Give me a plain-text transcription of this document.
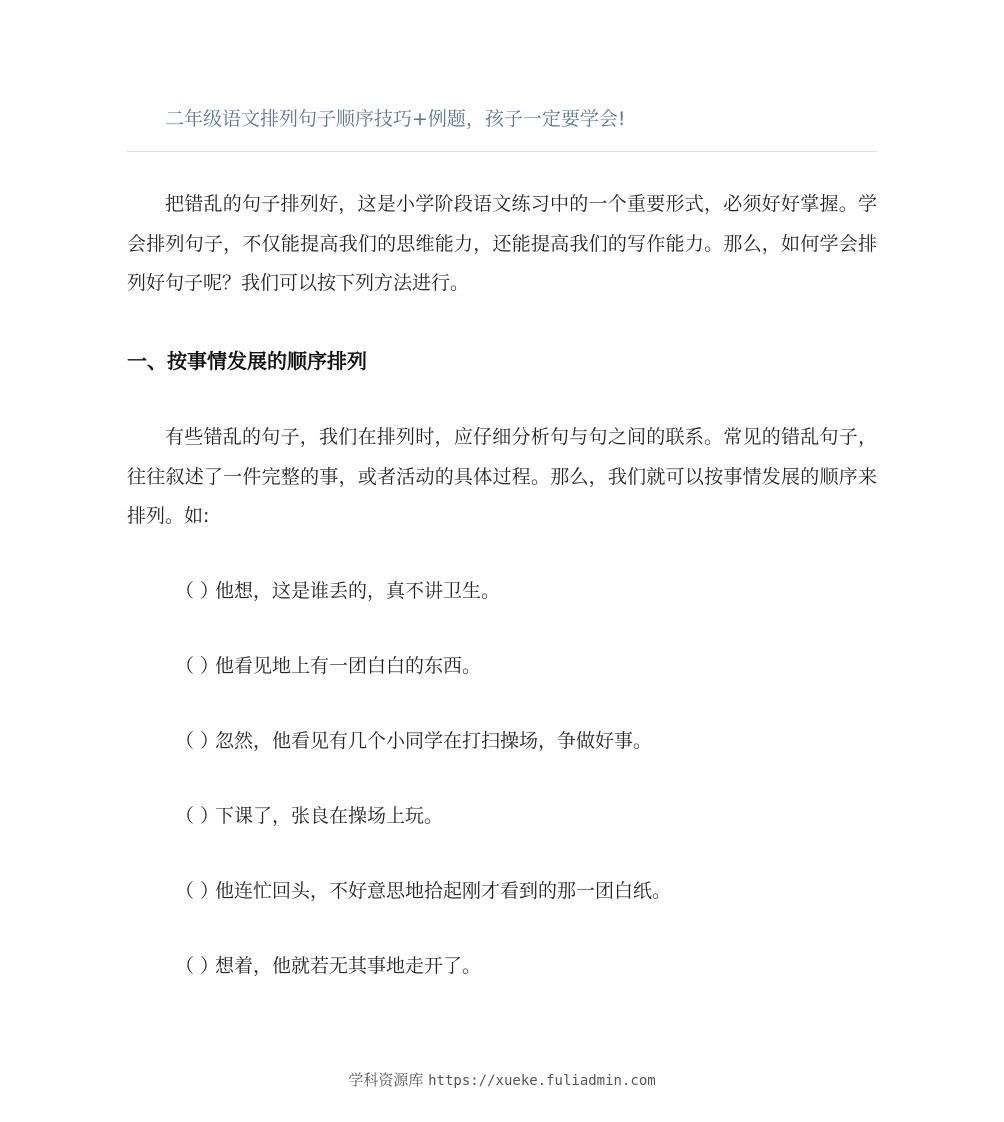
二年级语文排列句子顺序技巧+例题，孩子一定要学会!

把错乱的句子排列好，这是小学阶段语文练习中的一个重要形式，必须好好掌握。学会排列句子，不仅能提高我们的思维能力，还能提高我们的写作能力。那么，如何学会排列好句子呢？我们可以按下列方法进行。

一、按事情发展的顺序排列

有些错乱的句子，我们在排列时，应仔细分析句与句之间的联系。常见的错乱句子，往往叙述了一件完整的事，或者活动的具体过程。那么，我们就可以按事情发展的顺序来排列。如:

（ ）
他想，这是谁丢的，真不讲卫生。
（ ）
他看见地上有一团白白的东西。
（ ）
忽然，他看见有几个小同学在打扫操场，争做好事。
（ ）
下课了，张良在操场上玩。
（ ）
他连忙回头，不好意思地拾起刚才看到的那一团白纸。
（ ）
想着，他就若无其事地走开了。
学科资源库 https://xueke.fuliadmin.com
